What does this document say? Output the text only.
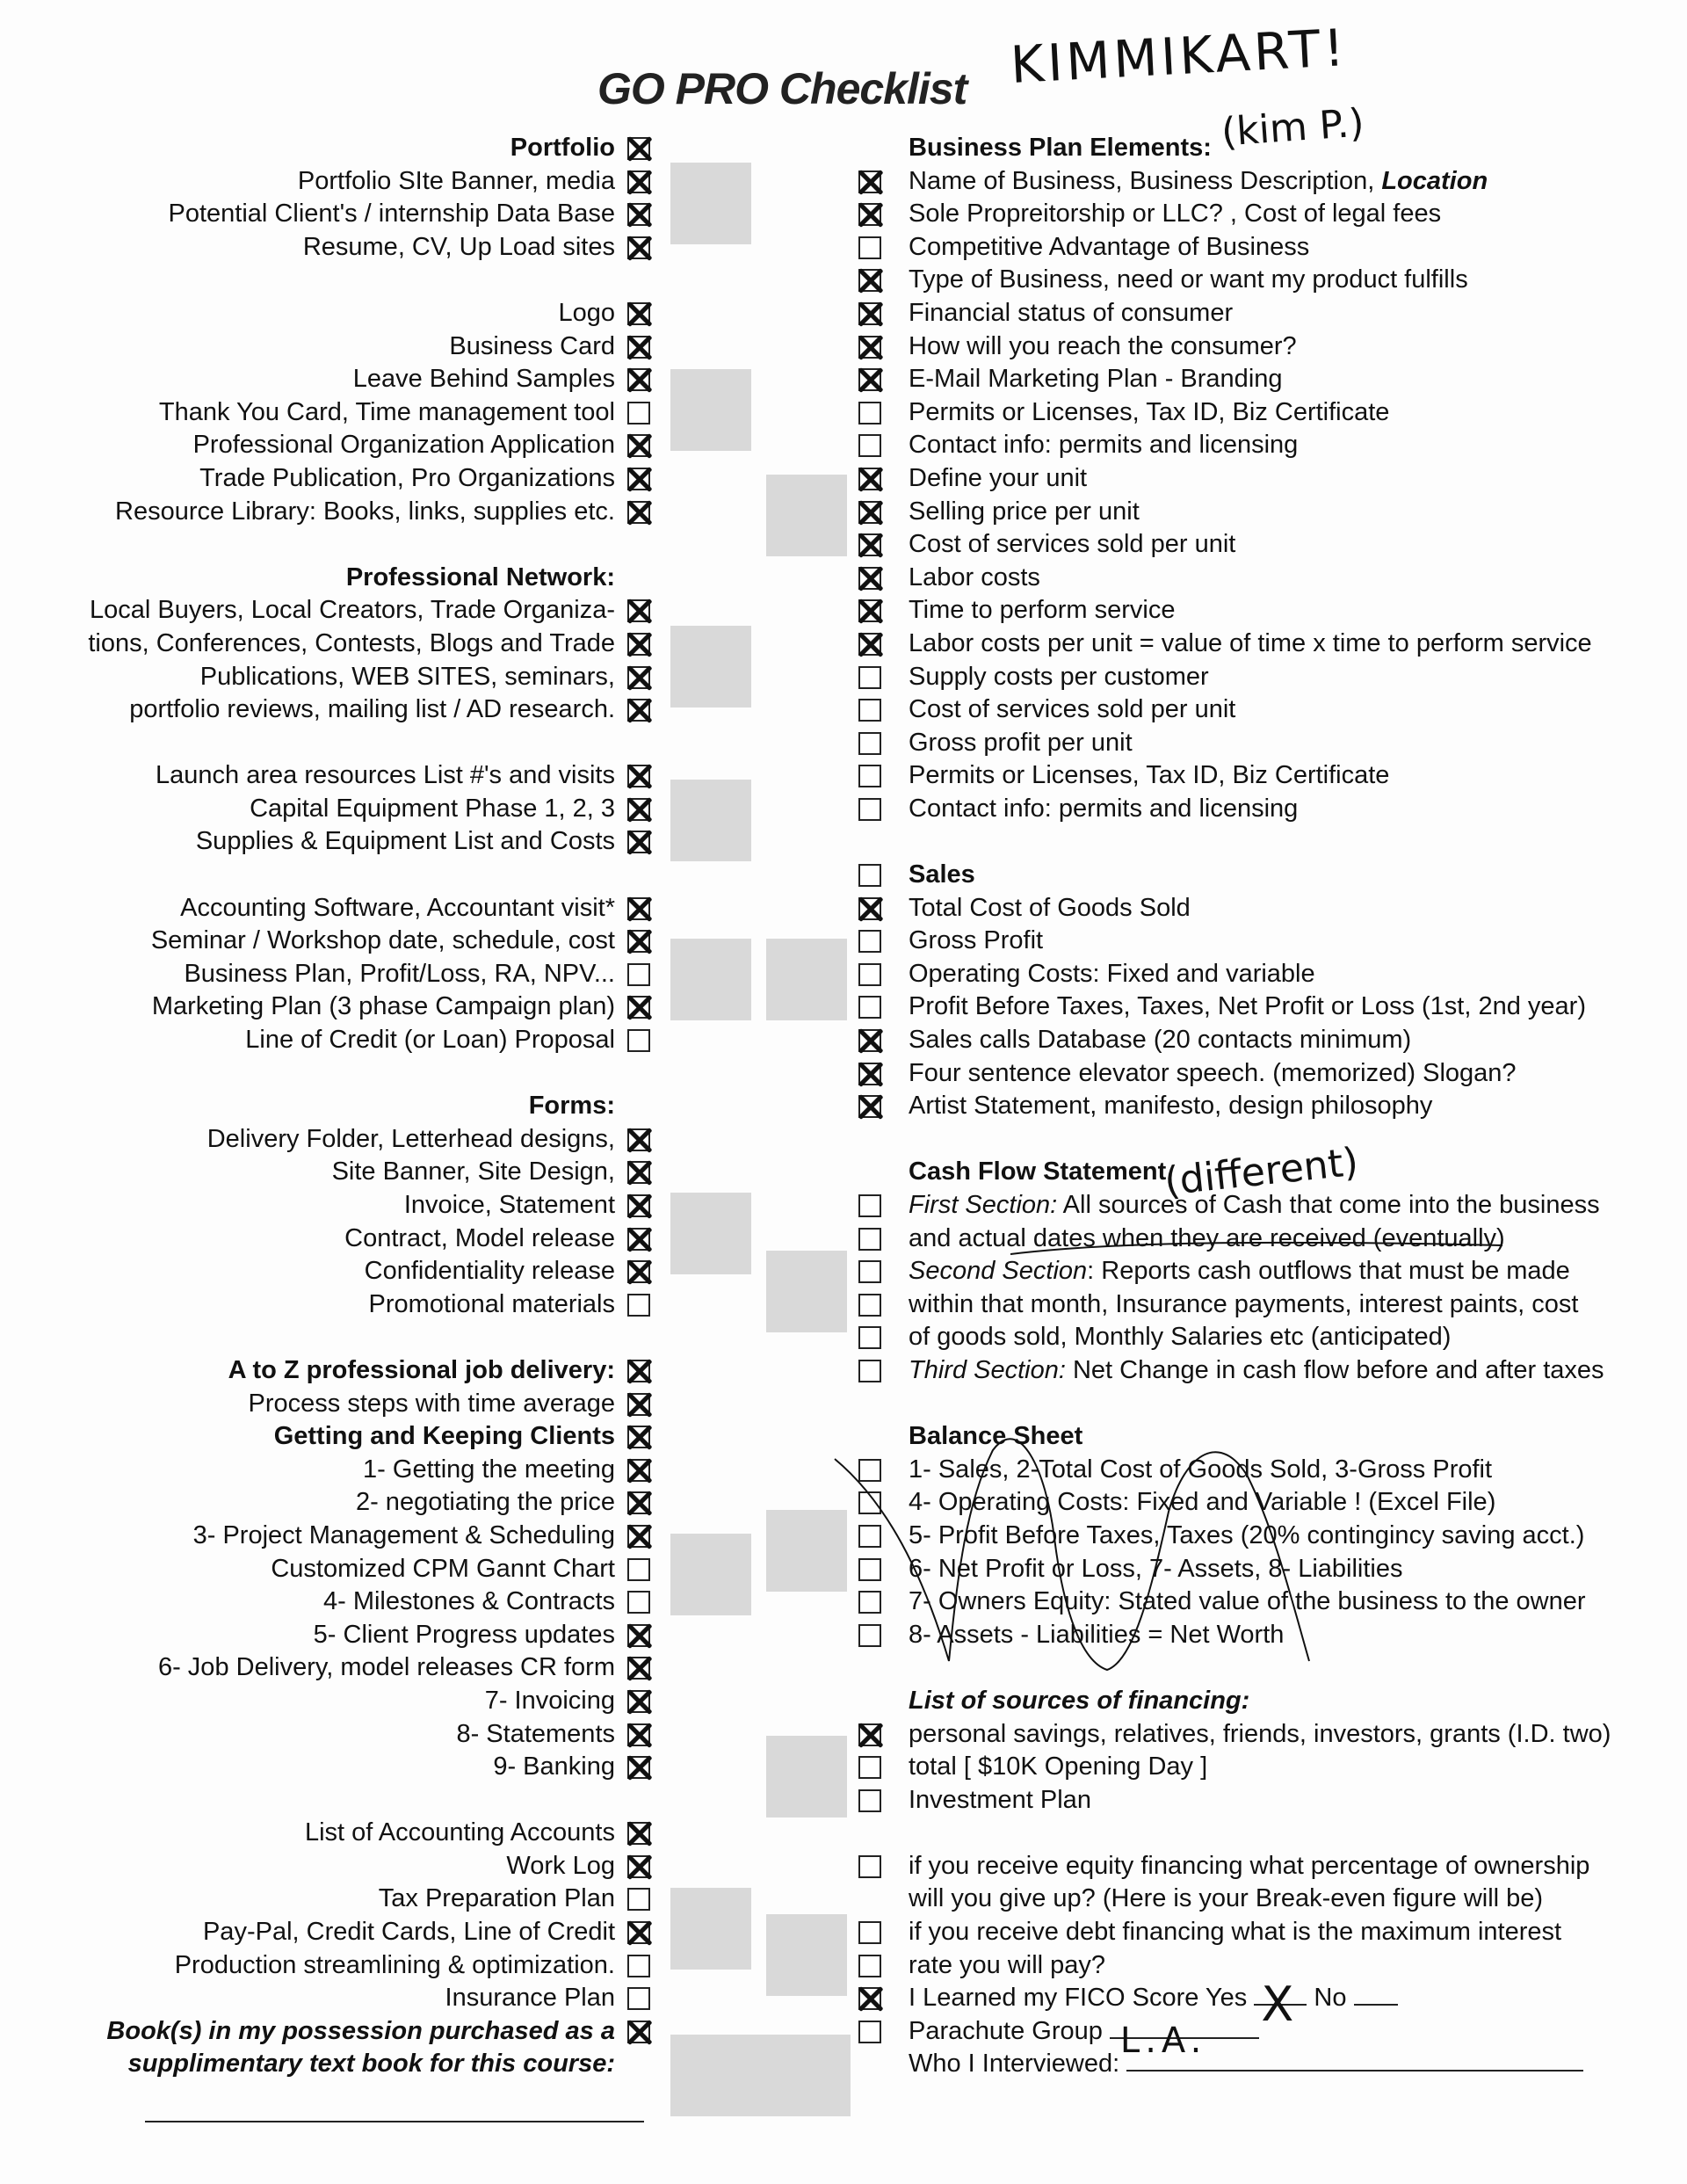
GO PRO Checklist KIMMIKART!
(kim P.)
Portfolio
Portfolio SIte Banner, media
Potential Client's / internship Data Base
Resume, CV, Up Load sites
Logo
Business Card
Leave Behind Samples
Thank You Card, Time management tool
Professional Organization Application
Trade Publication, Pro Organizations
Resource Library: Books, links, supplies etc.
Professional Network:
Local Buyers, Local Creators, Trade Organiza-
tions, Conferences, Contests, Blogs and Trade
Publications, WEB SITES, seminars,
portfolio reviews, mailing list / AD research.
Launch area resources List #'s and visits
Capital Equipment Phase 1, 2, 3
Supplies & Equipment List and Costs
Accounting Software, Accountant visit*
Seminar / Workshop date, schedule, cost
Business Plan, Profit/Loss, RA, NPV...
Marketing Plan (3 phase Campaign plan)
Line of Credit (or Loan) Proposal
Forms:
Delivery Folder, Letterhead designs,
Site Banner, Site Design,
Invoice, Statement
Contract, Model release
Confidentiality release
Promotional materials
A to Z professional job delivery:
Process steps with time average
Getting and Keeping Clients
1- Getting the meeting
2- negotiating the price
3- Project Management & Scheduling
Customized CPM Gannt Chart
4- Milestones & Contracts
5- Client Progress updates
6- Job Delivery, model releases CR form
7- Invoicing
8- Statements
9- Banking
List of Accounting Accounts
Work Log
Tax Preparation Plan
Pay-Pal, Credit Cards, Line of Credit
Production streamlining & optimization.
Insurance Plan
Book(s) in my possession purchased as a
supplimentary text book for this course:
Business Plan Elements:
Name of Business, Business Description, Location
Sole Propreitorship or LLC? , Cost of legal fees
Competitive Advantage of Business
Type of Business, need or want my product fulfills
Financial status of consumer
How will you reach the consumer?
E-Mail Marketing Plan - Branding
Permits or Licenses, Tax ID, Biz Certificate
Contact info: permits and licensing
Define your unit
Selling price per unit
Cost of services sold per unit
Labor costs
Time to perform service
Labor costs per unit = value of time x time to perform service
Supply costs per customer
Cost of services sold per unit
Gross profit per unit
Permits or Licenses, Tax ID, Biz Certificate
Contact info: permits and licensing
Sales
Total Cost of Goods Sold
Gross Profit
Operating Costs: Fixed and variable
Profit Before Taxes, Taxes, Net Profit or Loss (1st, 2nd year)
Sales calls Database (20 contacts minimum)
Four sentence elevator speech. (memorized) Slogan?
Artist Statement, manifesto, design philosophy
Cash Flow Statement
First Section: All sources of Cash that come into the business
and actual dates when they are received (eventually)
Second Section: Reports cash outflows that must be made
within that month, Insurance payments, interest paints, cost
of goods sold, Monthly Salaries etc (anticipated)
Third Section: Net Change in cash flow before and after taxes
Balance Sheet
1- Sales, 2-Total Cost of Goods Sold, 3-Gross Profit
4- Operating Costs: Fixed and Variable ! (Excel File)
5- Profit Before Taxes, Taxes (20% contingincy saving acct.)
6- Net Profit or Loss, 7- Assets, 8- Liabilities
7- Owners Equity: Stated value of the business to the owner
8- Assets - Liabilities = Net Worth
List of sources of financing:
personal savings, relatives, friends, investors, grants (I.D. two)
total [ $10K Opening Day ]
Investment Plan
if you receive equity financing what percentage of ownership
will you give up? (Here is your Break-even figure will be)
if you receive debt financing what is the maximum interest
rate you will pay?
I Learned my FICO Score Yes X No
Parachute Group L.A.
Who I Interviewed:
(different)
